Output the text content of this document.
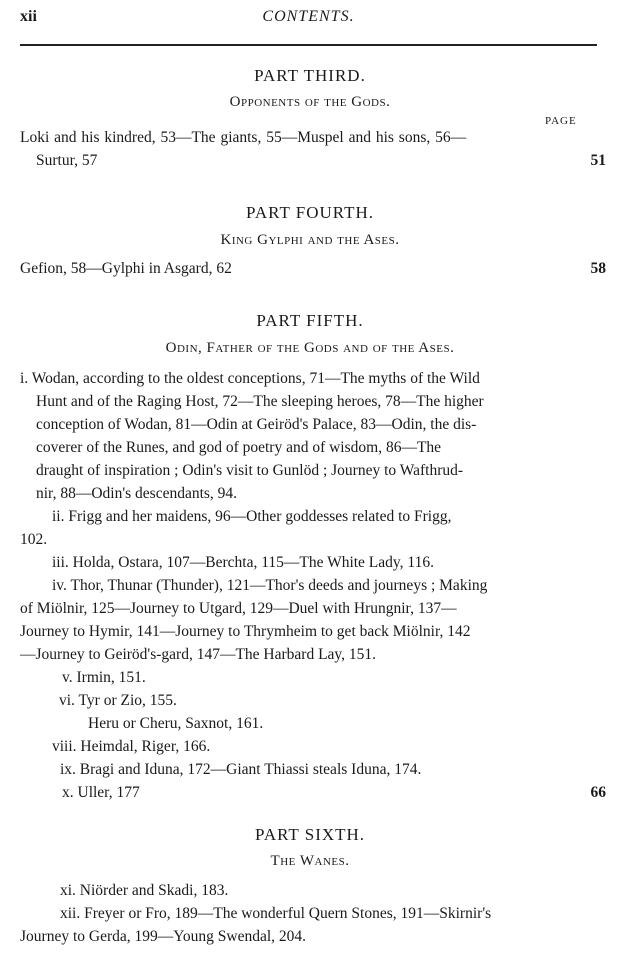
xii	CONTENTS.
PART THIRD.
Opponents of the Gods.
PAGE
Loki and his kindred, 53—The giants, 55—Muspel and his sons, 56—
Surtur, 57	51
PART FOURTH.
King Gylphi and the Ases.
Gefion, 58—Gylphi in Asgard, 62	58
PART FIFTH.
Odin, Father of the Gods and of the Ases.
i. Wodan, according to the oldest conceptions, 71—The myths of the Wild
Hunt and of the Raging Host, 72—The sleeping heroes, 78—The higher
conception of Wodan, 81—Odin at Geiröd's Palace, 83—Odin, the dis-
coverer of the Runes, and god of poetry and of wisdom, 86—The
draught of inspiration ; Odin's visit to Gunlöd ; Journey to Wafthrud-
nir, 88—Odin's descendants, 94.
ii. Frigg and her maidens, 96—Other goddesses related to Frigg,
102.
iii. Holda, Ostara, 107—Berchta, 115—The White Lady, 116.
iv. Thor, Thunar (Thunder), 121—Thor's deeds and journeys ; Making
of Miölnir, 125—Journey to Utgard, 129—Duel with Hrungnir, 137—
Journey to Hymir, 141—Journey to Thrymheim to get back Miölnir, 142
—Journey to Geiröd's-gard, 147—The Harbard Lay, 151.
v. Irmin, 151.
vi. Tyr or Zio, 155.
Heru or Cheru, Saxnot, 161.
viii. Heimdal, Riger, 166.
ix. Bragi and Iduna, 172—Giant Thiassi steals Iduna, 174.
x. Uller, 177	66
PART SIXTH.
The Wanes.
xi. Niörder and Skadi, 183.
xii. Freyer or Fro, 189—The wonderful Quern Stones, 191—Skirnir's
Journey to Gerda, 199—Young Swendal, 204.
